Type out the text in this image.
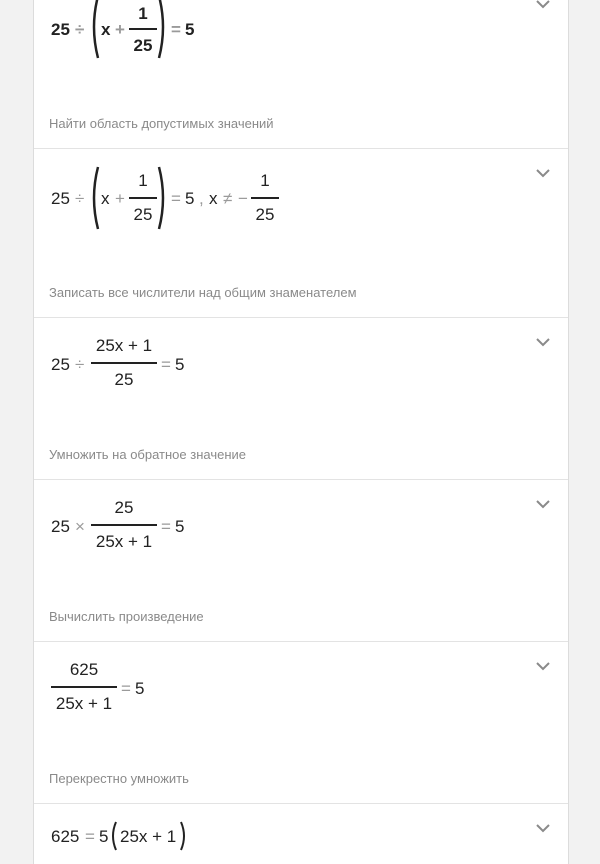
25 ÷ x +
1
25
= 5
Найти область допустимых значений
25 ÷ x +
1
25
= 5 , x ≠ −
1
25
Записать все числители над общим знаменателем
25 ÷
25x + 1
25
= 5
Умножить на обратное значение
25 ×
25
25x + 1
= 5
Вычислить произведение
625
25x + 1
= 5
Перекрестно умножить
625 = 5 25x + 1
